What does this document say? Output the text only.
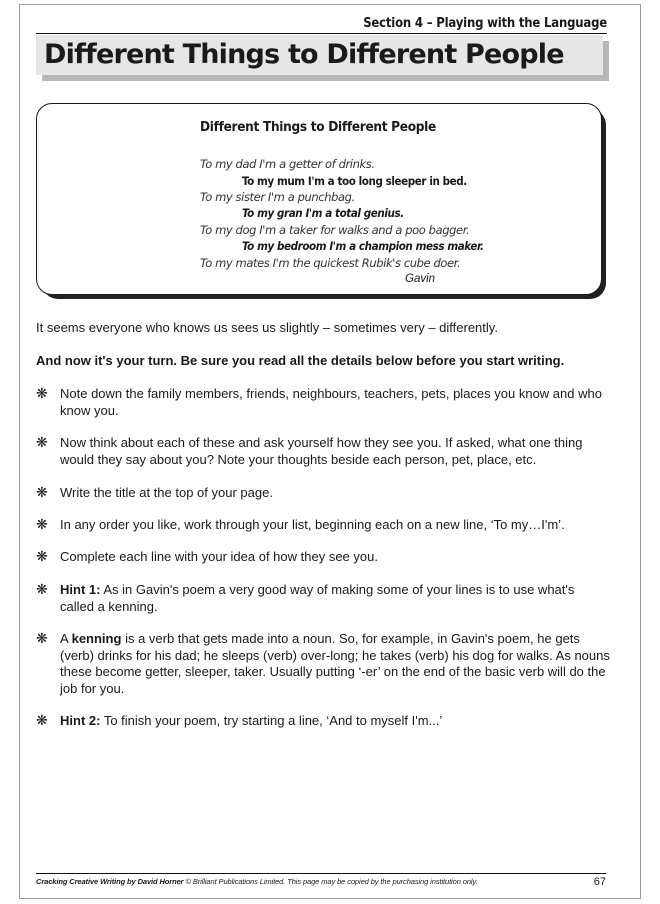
Section 4 – Playing with the Language
Different Things to Different People
Different Things to Different People
To my dad I'm a getter of drinks.
To my mum I'm a too long sleeper in bed.
To my sister I'm a punchbag.
To my gran I'm a total genius.
To my dog I'm a taker for walks and a poo bagger.
To my bedroom I'm a champion mess maker.
To my mates I'm the quickest Rubik's cube doer.
Gavin
It seems everyone who knows us sees us slightly – sometimes very – differently.
And now it's your turn. Be sure you read all the details below before you start writing.
❋ Note down the family members, friends, neighbours, teachers, pets, places you know and who know you.
❋ Now think about each of these and ask yourself how they see you. If asked, what one thing would they say about you? Note your thoughts beside each person, pet, place, etc.
❋ Write the title at the top of your page.
❋ In any order you like, work through your list, beginning each on a new line, ‘To my…I'm’.
❋ Complete each line with your idea of how they see you.
❋ Hint 1: As in Gavin's poem a very good way of making some of your lines is to use what's called a kenning.
❋ A kenning is a verb that gets made into a noun. So, for example, in Gavin's poem, he gets (verb) drinks for his dad; he sleeps (verb) over-long; he takes (verb) his dog for walks. As nouns these become getter, sleeper, taker. Usually putting ‘-er’ on the end of the basic verb will do the job for you.
❋ Hint 2: To finish your poem, try starting a line, ‘And to myself I'm...’
Cracking Creative Writing by David Horner © Brilliant Publications Limited. This page may be copied by the purchasing institution only.	67
